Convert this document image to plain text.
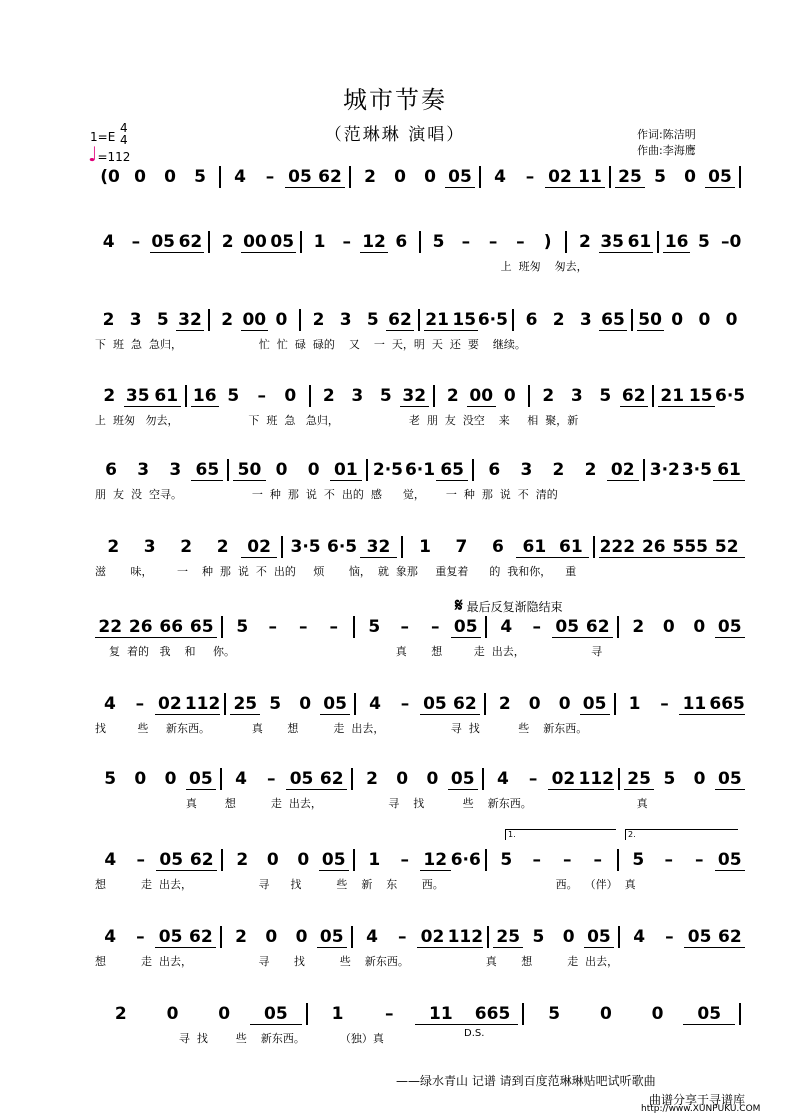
城市节奏
（范琳琳 演唱）	作词:陈洁明
作曲:李海鹰
1=E
4
4
♩=112
(0 0	0	5	4	– 05 62	2	0	0 05	4	– 02 11 25 5	0 05
4	– 05 62	2 00 05	1	– 12 6	5	–	–	–	)	2 35 61 16 5 –0
上  班匆    匆去，
2 3 5 32	2 00 0	2 3 5 62 21 15 6·5	6 2 3 65 50 0 0 0
下  班  急  急归，                      忙  忙  碌  碌的    又    一  天，明  天  还  要    继续。
2 35 61 16 5	–	0	2 3 5 32	2 00 0	2 3 5 62 21 15 6·5
上  班匆   勿去，                    下  班  急   急归，                    老  朋  友  没空    来     相  聚，新
6	3	3 65 50 0	0 01 2·5 6·1 65	6	3	2	2 02 3·2 3·5 61
朋  友  没  空寻。                    一  种  那  说  不  出的  感      觉，      一  种  那  说  不  清的
2	3	2	2	02	3·5 6·5 32	1	7	6	61 61 222 26 555 52
滋       味，       一    种  那  说  不  出的     烦       恼，  就  象那     重复着      的  我和你，    重
22 26 66 65	5	–	–	–	5	–	– 05	4	– 05 62	2	0	0 05
复  着的   我    和     你。                                              真       想         走  出去，                   寻
4	– 02 112 25 5	0 05	4	– 05 62	2	0	0 05	1	– 11 665
找         些     新东西。            真       想          走  出去，                   寻  找           些    新东西。
5	0	0 05	4	– 05 62	2	0	0 05	4	– 02 112 25 5	0 05
真        想          走  出去，                   寻    找           些    新东西。                              真
4	– 05 62	2	0	0 05	1	– 12 6·6	5	–	–	–	5	–	– 05
想          走  出去，                   寻      找          些    新    东       西。                                西。  （伴）  真
4	– 05 62	2	0	0 05	4	– 02 112 25 5	0 05	4	– 05 62
想          走  出去，                   寻       找          些    新东西。                      真       想          走  出去，
2	0	0	05	1	–	11	665	5	0	0	05
寻  找        些    新东西。          （独）真
𝄋 最后反复渐隐结束
1.	2.
D.S.
——绿水青山 记谱 请到百度范琳琳贴吧试听歌曲
曲谱分享于寻谱库
http://www.XUNPUKU.COM
